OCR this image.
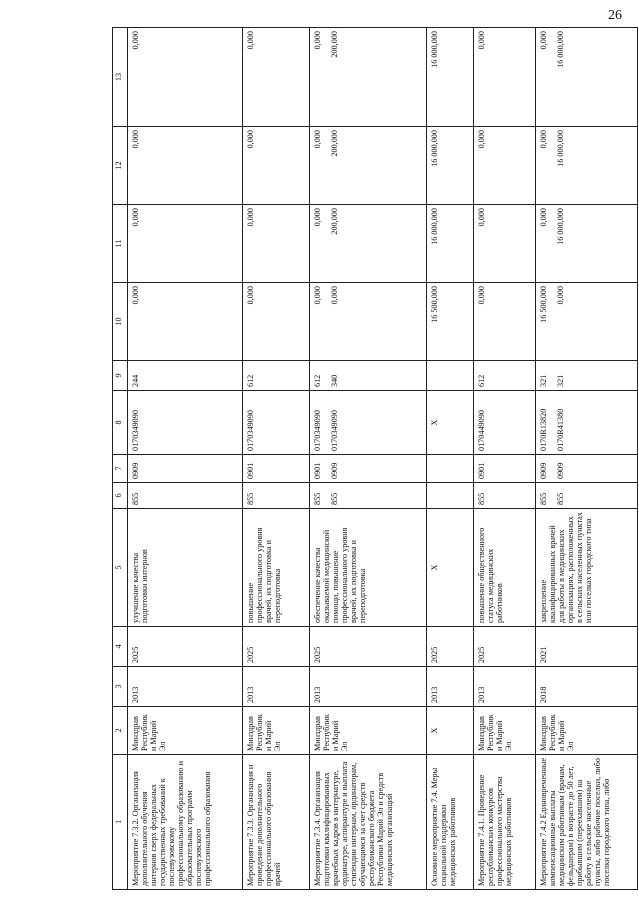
26
1	2	3	4	5	6	7	8	9	10	11	12	13
Мероприятие 7.3.2. Организация дополнительного обучения интернов сверх федеральных государственных требований к послевузовскому профессиональному образованию и образовательных программ послевузовского профессионального образования	Минздрав Республики Марий Эл	2013	2025	улучшение качества подготовки интернов	855	0909	0170349090	244	0,000	0,000	0,000	0,000
Мероприятие 7.3.3. Организация и проведение дополнительного профессионального образования врачей	Минздрав Республики Марий Эл	2013	2025	повышение профессионального уровня врачей, их подготовка и переподготовка	855	0901	0170349090	612	0,000	0,000	0,000	0,000
Мероприятие 7.3.4. Организация подготовки квалифицированных врачебных кадров в интернатуре, ординатуре, аспирантуре и выплата стипендии интернам, ординаторам, обучающимся за счет средств республиканского бюджета Республики Марий Эл и средств медицинских организаций	Минздрав Республики Марий Эл	2013	2025	обеспечение качества оказываемой медицинской помощи, повышение профессионального уровня врачей, их подготовка и переподготовка	855 855	0901 0909	0170349090 0170349090	612 340	0,000 0,000	0,000 200,000	0,000 200,000	0,000 200,000

Основное мероприятие 7.4. Меры социальной поддержки медицинских работников	X	2013	2025	X			X		16 500,000	16 000,000	16 000,000	16 000,000
Мероприятие 7.4.1. Проведение республиканских конкурсов профессионального мастерства медицинских работников	Минздрав Республики Марий Эл	2013	2025	повышение общественного статуса медицинских работников	855	0901	0170449090	612	0,000	0,000	0,000	0,000
Мероприятие 7.4.2 Единовременные компенсационные выплаты медицинским работникам (врачам, фельдшерам) в возрасте до 50 лет, прибывшим (переехавшим) на работу в сельские населенные пункты, либо рабочие поселки, либо поселки городского типа, либо	Минздрав Республики Марий Эл	2018	2021	закрепление квалифицированных врачей для работы в медицинских организациях, расположенных в сельских населенных пунктах или поселках городского типа	855 855	0909 0909	0170R13820 0170R41380	321 321	16 500,000 0,000	0,000 16 000,000	0,000 16 000,000	0,000 16 000,000
